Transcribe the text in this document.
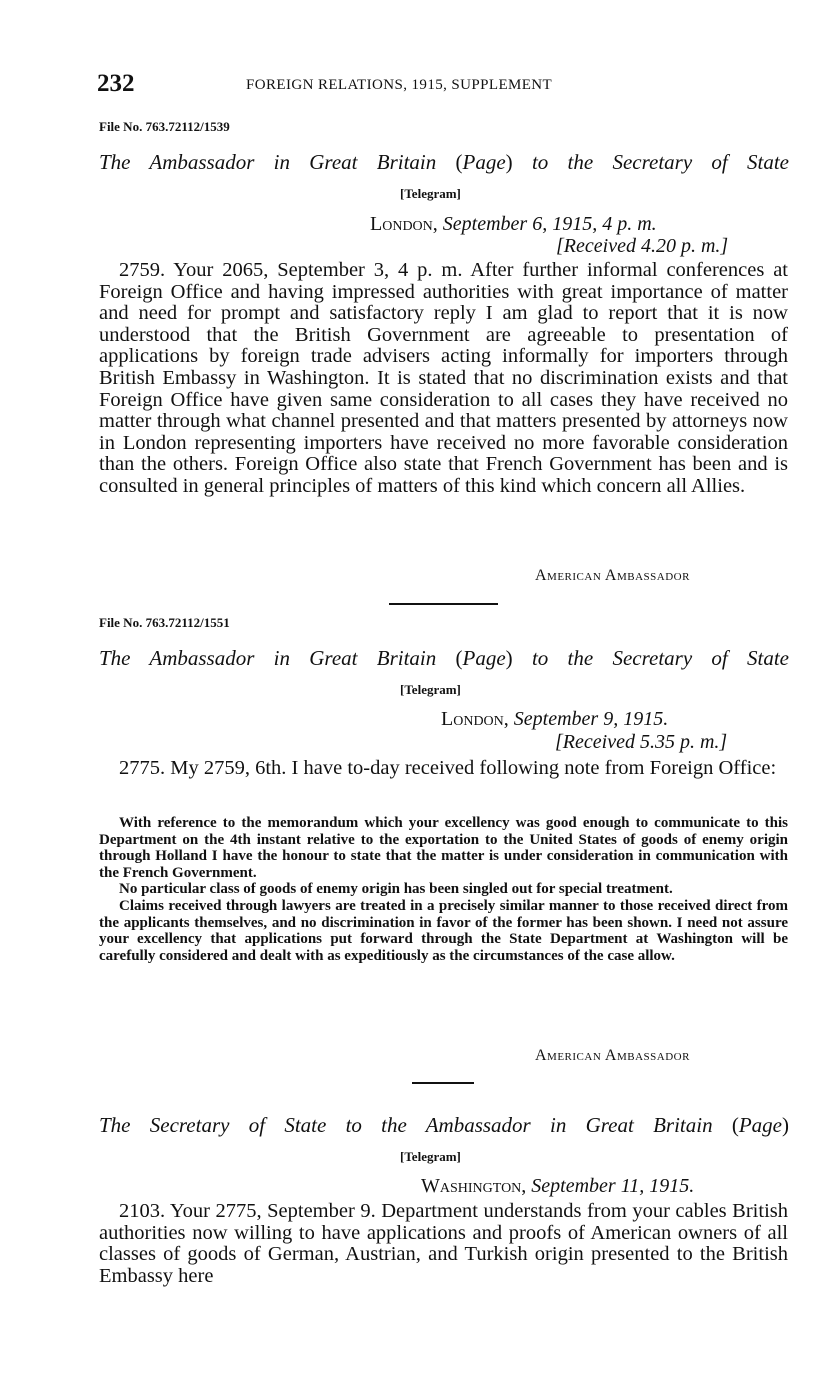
232	FOREIGN RELATIONS, 1915, SUPPLEMENT
File No. 763.72112/1539
The Ambassador in Great Britain (Page) to the Secretary of State
[Telegram]
London, September 6, 1915, 4 p. m.
[Received 4.20 p. m.]

2759. Your 2065, September 3, 4 p. m. After further informal conferences at Foreign Office and having impressed authorities with great importance of matter and need for prompt and satisfactory reply I am glad to report that it is now understood that the British Government are agreeable to presentation of applications by foreign trade advisers acting informally for importers through British Embassy in Washington. It is stated that no discrimination exists and that Foreign Office have given same consideration to all cases they have received no matter through what channel presented and that matters presented by attorneys now in London representing importers have received no more favorable consideration than the others. Foreign Office also state that French Government has been and is consulted in general principles of matters of this kind which concern all Allies.

American Ambassador
File No. 763.72112/1551
The Ambassador in Great Britain (Page) to the Secretary of State
[Telegram]
London, September 9, 1915.
[Received 5.35 p. m.]

2775. My 2759, 6th. I have to-day received following note from Foreign Office:

With reference to the memorandum which your excellency was good enough to communicate to this Department on the 4th instant relative to the exportation to the United States of goods of enemy origin through Holland I have the honour to state that the matter is under consideration in communication with the French Government.

No particular class of goods of enemy origin has been singled out for special treatment.

Claims received through lawyers are treated in a precisely similar manner to those received direct from the applicants themselves, and no discrimination in favor of the former has been shown. I need not assure your excellency that applications put forward through the State Department at Washington will be carefully considered and dealt with as expeditiously as the circumstances of the case allow.

American Ambassador
The Secretary of State to the Ambassador in Great Britain (Page)
[Telegram]
Washington, September 11, 1915.

2103. Your 2775, September 9. Department understands from your cables British authorities now willing to have applications and proofs of American owners of all classes of goods of German, Austrian, and Turkish origin presented to the British Embassy here
